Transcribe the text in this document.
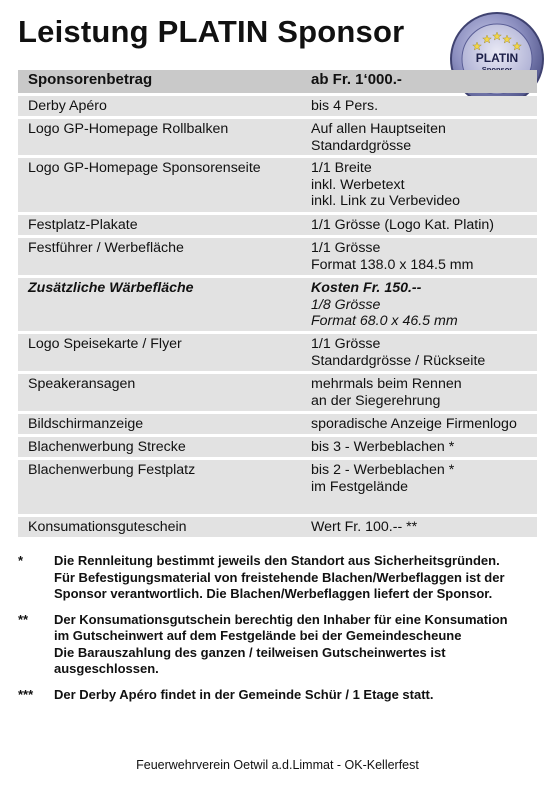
Leistung PLATIN Sponsor
PLATIN
Sponsorenbetrag	ab Fr. 1‘000.-
Derby Apéro	bis 4 Pers.
Logo GP-Homepage Rollbalken	Auf allen Hauptseiten
Standardgrösse
Logo GP-Homepage Sponsorenseite	1/1 Breite
inkl. Werbetext
inkl. Link zu Verbevideo
Festplatz-Plakate	1/1 Grösse (Logo Kat. Platin)
Festführer / Werbefläche	1/1 Grösse
Format 138.0 x 184.5 mm
Zusätzliche Wärbefläche	Kosten Fr. 150.--
1/8 Grösse
Format 68.0 x 46.5 mm
Logo Speisekarte / Flyer	1/1 Grösse
Standardgrösse / Rückseite
Speakeransagen	mehrmals beim Rennen
an der Siegerehrung
Bildschirmanzeige	sporadische Anzeige Firmenlogo
Blachenwerbung Strecke	bis 3 - Werbeblachen *
Blachenwerbung Festplatz	bis 2 - Werbeblachen *
im Festgelände
Konsumationsguteschein	Wert Fr. 100.-- **
*	Die Rennleitung bestimmt jeweils den Standort aus Sicherheitsgründen.
Für Befestigungsmaterial von freistehende Blachen/Werbeflaggen ist der
Sponsor verantwortlich. Die Blachen/Werbeflaggen liefert der Sponsor.
**	Der Konsumationsgutschein berechtig den Inhaber für eine Konsumation
im Gutscheinwert auf dem Festgelände bei der Gemeindescheune
Die Barauszahlung des ganzen / teilweisen Gutscheinwertes ist
ausgeschlossen.
***	Der Derby Apéro findet in der Gemeinde Schür / 1 Etage statt.
Feuerwehrverein Oetwil a.d.Limmat - OK-Kellerfest
